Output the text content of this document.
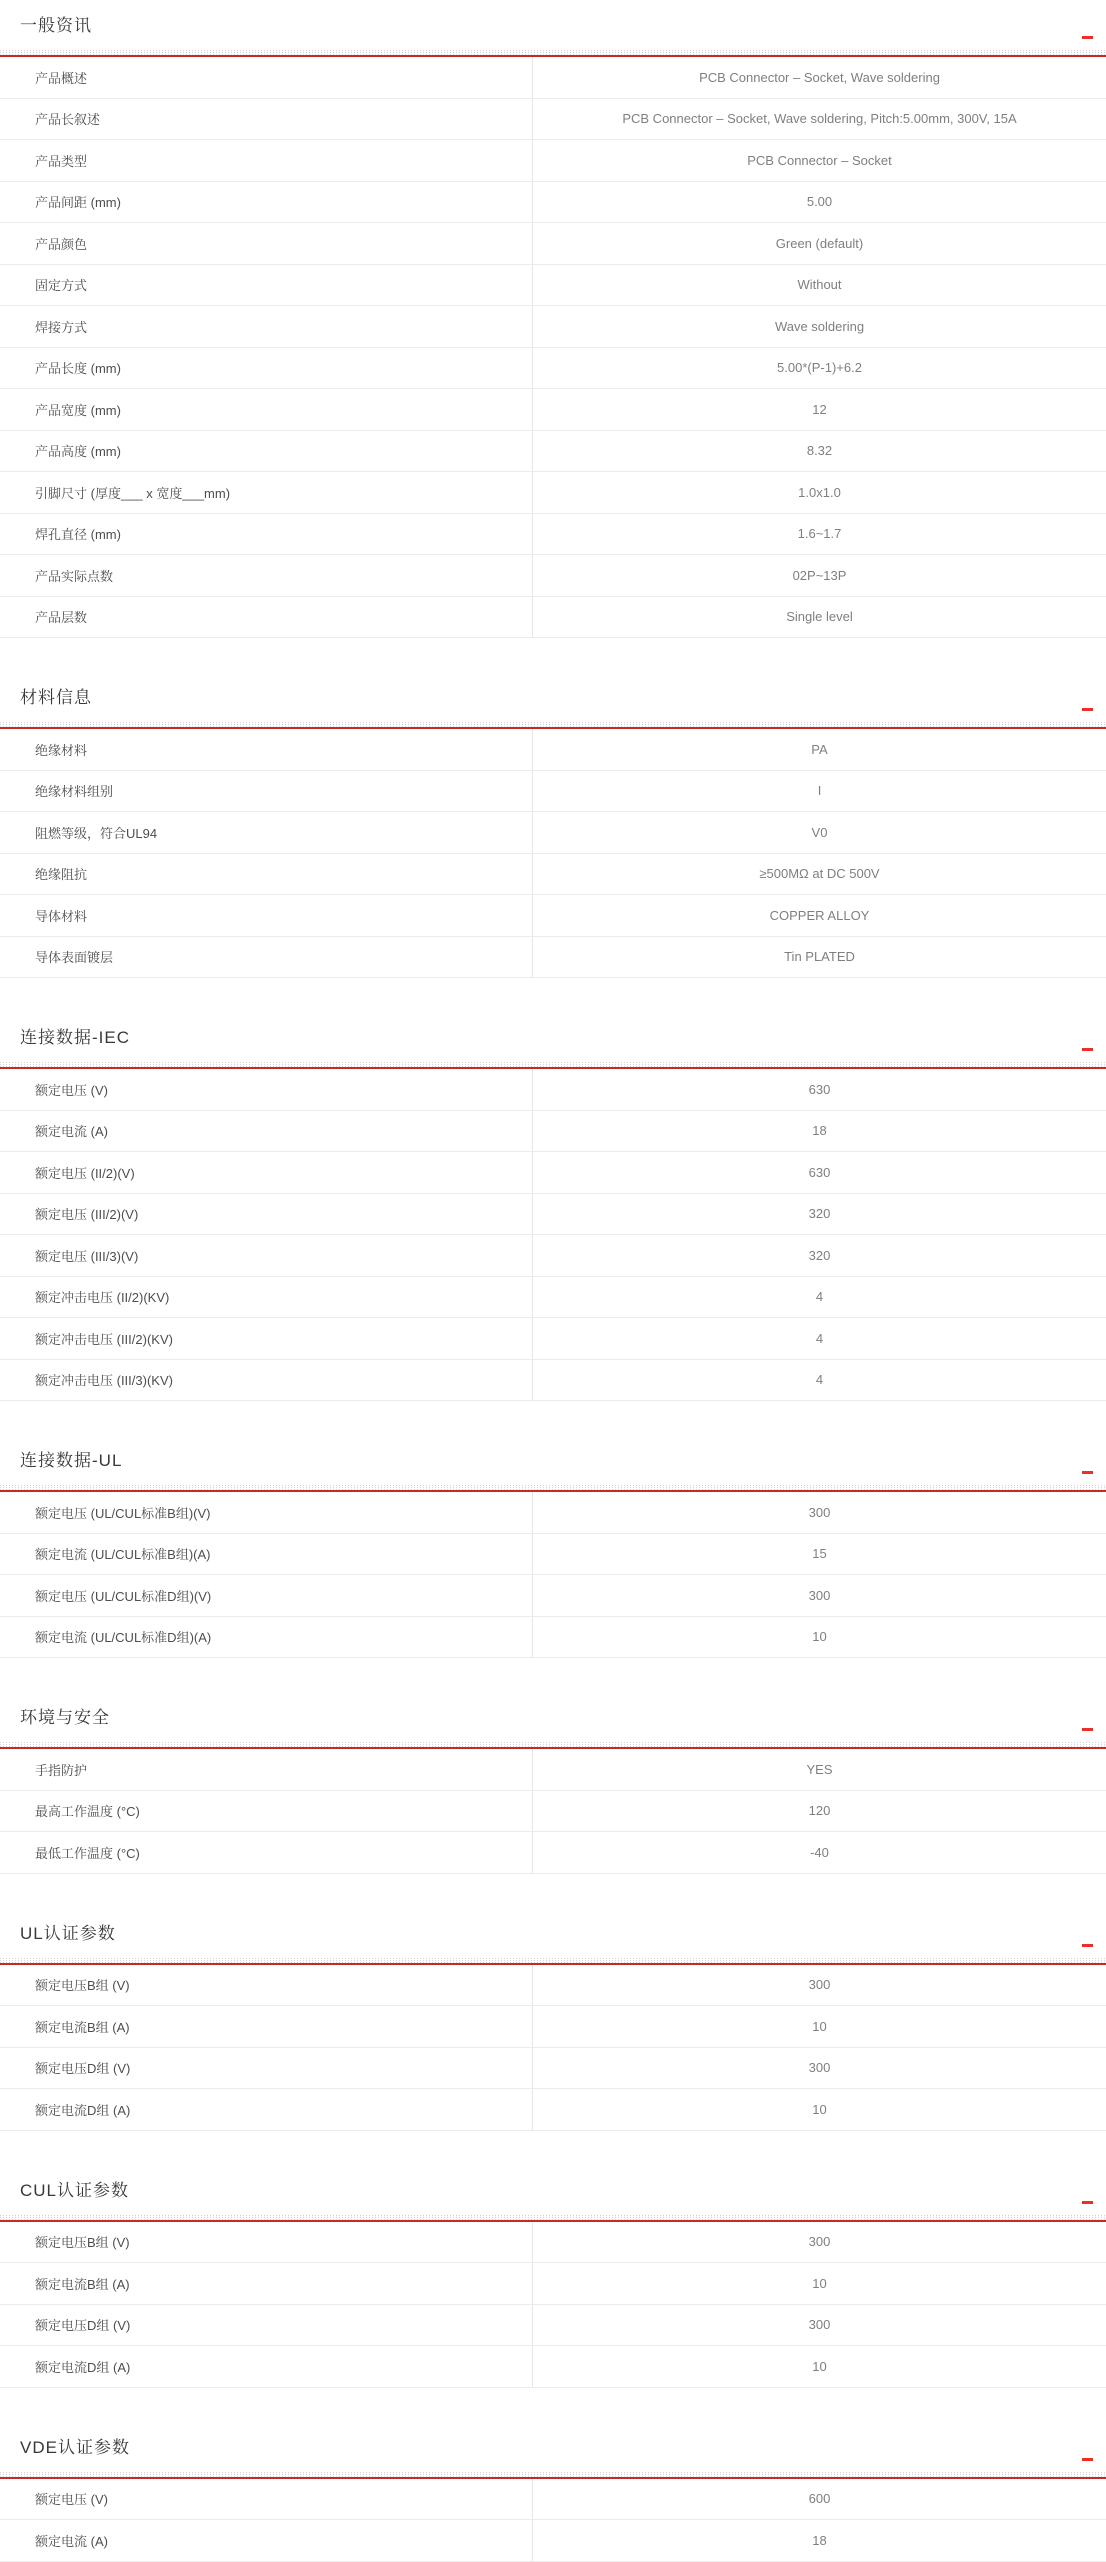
一般资讯
产品概述	PCB Connector – Socket, Wave soldering
产品长叙述	PCB Connector – Socket, Wave soldering, Pitch:5.00mm, 300V, 15A
产品类型	PCB Connector – Socket
产品间距 (mm)	5.00
产品颜色	Green (default)
固定方式	Without
焊接方式	Wave soldering
产品长度 (mm)	5.00*(P-1)+6.2
产品宽度 (mm)	12
产品高度 (mm)	8.32
引脚尺寸 (厚度___ x 宽度___mm)	1.0x1.0
焊孔直径 (mm)	1.6~1.7
产品实际点数	02P~13P
产品层数	Single level
材料信息
绝缘材料	PA
绝缘材料组别	I
阻燃等级，符合UL94	V0
绝缘阻抗	≥500MΩ at DC 500V
导体材料	COPPER ALLOY
导体表面镀层	Tin PLATED
连接数据-IEC
额定电压 (V)	630
额定电流 (A)	18
额定电压 (II/2)(V)	630
额定电压 (III/2)(V)	320
额定电压 (III/3)(V)	320
额定冲击电压 (II/2)(KV)	4
额定冲击电压 (III/2)(KV)	4
额定冲击电压 (III/3)(KV)	4
连接数据-UL
额定电压 (UL/CUL标准B组)(V)	300
额定电流 (UL/CUL标准B组)(A)	15
额定电压 (UL/CUL标准D组)(V)	300
额定电流 (UL/CUL标准D组)(A)	10
环境与安全
手指防护	YES
最高工作温度 (°C)	120
最低工作温度 (°C)	-40
UL认证参数
额定电压B组 (V)	300
额定电流B组 (A)	10
额定电压D组 (V)	300
额定电流D组 (A)	10
CUL认证参数
额定电压B组 (V)	300
额定电流B组 (A)	10
额定电压D组 (V)	300
额定电流D组 (A)	10
VDE认证参数
额定电压 (V)	600
额定电流 (A)	18
